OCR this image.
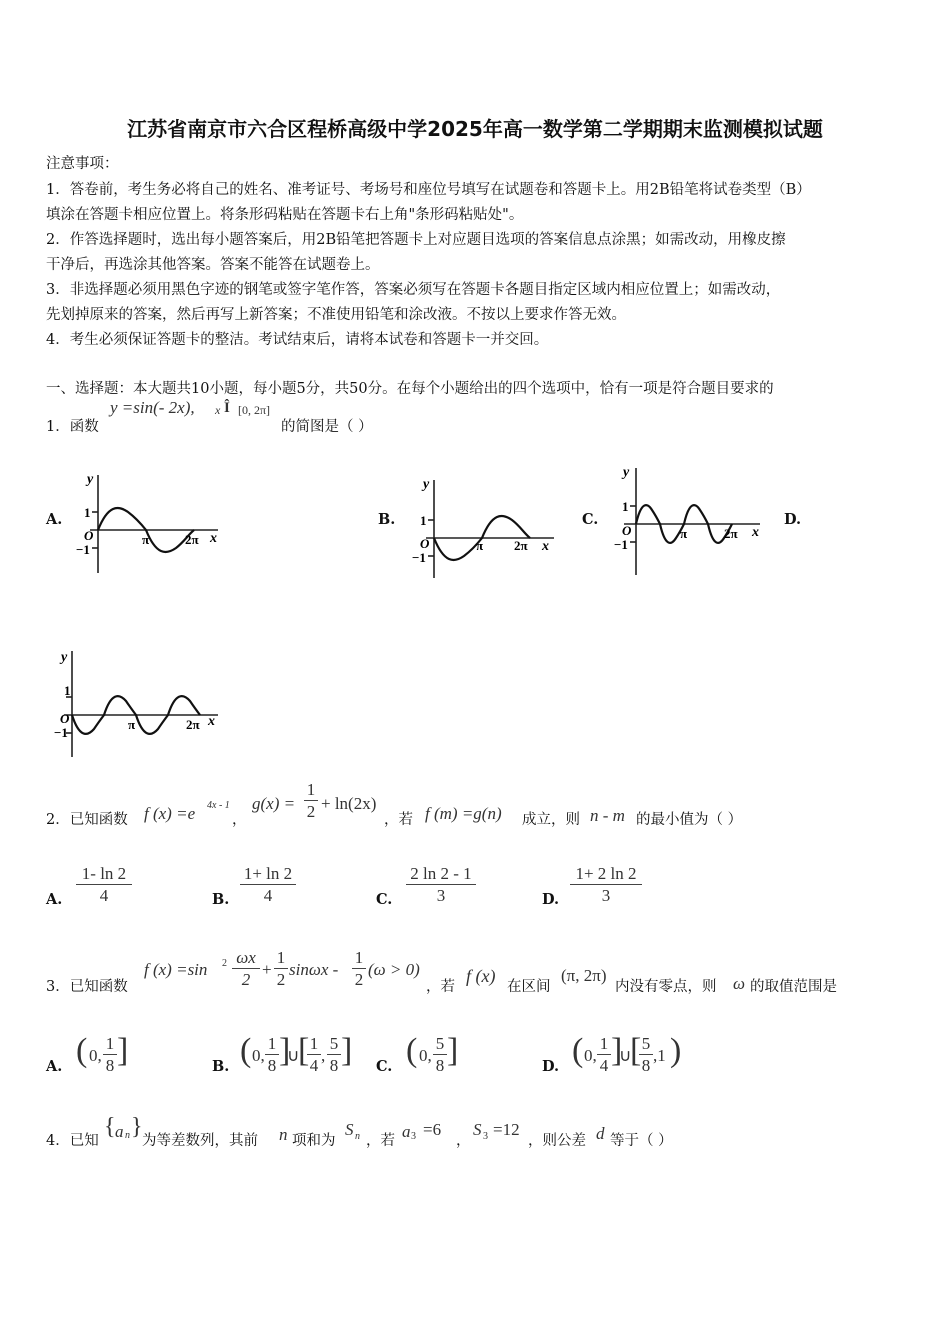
江苏省南京市六合区程桥高级中学2025年高一数学第二学期期末监测模拟试题
注意事项：
1．答卷前，考生务必将自己的姓名、准考证号、考场号和座位号填写在试题卷和答题卡上。用2B铅笔将试卷类型（B）
填涂在答题卡相应位置上。将条形码粘贴在答题卡右上角"条形码粘贴处"。
2．作答选择题时，选出每小题答案后，用2B铅笔把答题卡上对应题目选项的答案信息点涂黑；如需改动，用橡皮擦
干净后，再选涂其他答案。答案不能答在试题卷上。
3．非选择题必须用黑色字迹的钢笔或签字笔作答，答案必须写在答题卡各题目指定区域内相应位置上；如需改动，
先划掉原来的答案，然后再写上新答案；不准使用铅笔和涂改液。不按以上要求作答无效。
4．考生必须保证答题卡的整洁。考试结束后，请将本试卷和答题卡一并交回。
一、选择题：本大题共10小题，每小题5分，共50分。在每个小题给出的四个选项中，恰有一项是符合题目要求的
1．函数
y =sin(- 2x), x Î [0, 2π]
的简图是（ ）
A.	B.	C.	D.
y
1
O
−1
π	2π x
y
1
O
−1
π 2π x
y
1
O
−1
π	2π x
y
1
O
−1
π	2π x
2．已知函数 f (x) =e 4x - 1
，
$g(x) = \frac{1}{2} + \ln(2x)$
，若 f (m) =g(n) 成立，则 n - m 的最小值为（ ）
A. $\frac{1- \ln 2}{4}$	B. $\frac{1+ \ln 2}{4}$	C. $\frac{2 \ln 2 - 1}{3}$	D. $\frac{1+ 2 \ln 2}{3}$
3．已知函数
f (x) =sin $2 \frac{\omega x}{2} + \frac{1}{2}$ $\sin\omega x - \frac{1}{2} (\omega > 0)$
，若
f (x)
在区间
(π, 2π)
内没有零点，则 ω 的取值范围是
A. ( 0, $\frac{1}{8}$ ]	B. ( 0, $\frac{1}{8}$ ]
∪
[
$\frac{1}{4}$ , $\frac{5}{8}$ ] C. ( 0, $\frac{5}{8}$ ]	D. ( 0, $\frac{1}{4}$ ]
∪
[
$\frac{5}{8} ,1$ )
4．已知
{ a n }
为等差数列，其前 n 项和为
S n ，若 a 3 =6
，
S 3 =12
，则公差 d 等于（ ）
